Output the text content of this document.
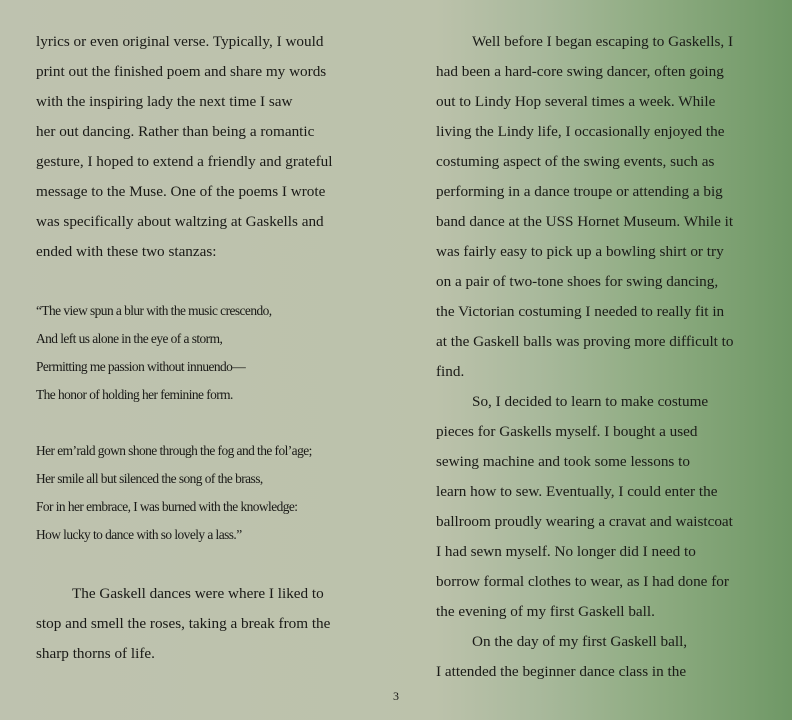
lyrics or even original verse. Typically, I would
print out the finished poem and share my words
with the inspiring lady the next time I saw
her out dancing. Rather than being a romantic
gesture, I hoped to extend a friendly and grateful
message to the Muse. One of the poems I wrote
was specifically about waltzing at Gaskells and
ended with these two stanzas:
“The view spun a blur with the music crescendo,
And left us alone in the eye of a storm,
Permitting me passion without innuendo—
The honor of holding her feminine form.
Her em’rald gown shone through the fog and the fol’age;
Her smile all but silenced the song of the brass,
For in her embrace, I was burned with the knowledge:
How lucky to dance with so lovely a lass.”
The Gaskell dances were where I liked to
stop and smell the roses, taking a break from the
sharp thorns of life.
Well before I began escaping to Gaskells, I
had been a hard-core swing dancer, often going
out to Lindy Hop several times a week. While
living the Lindy life, I occasionally enjoyed the
costuming aspect of the swing events, such as
performing in a dance troupe or attending a big
band dance at the USS Hornet Museum. While it
was fairly easy to pick up a bowling shirt or try
on a pair of two-tone shoes for swing dancing,
the Victorian costuming I needed to really fit in
at the Gaskell balls was proving more difficult to
find.
So, I decided to learn to make costume
pieces for Gaskells myself. I bought a used
sewing machine and took some lessons to
learn how to sew. Eventually, I could enter the
ballroom proudly wearing a cravat and waistcoat
I had sewn myself. No longer did I need to
borrow formal clothes to wear, as I had done for
the evening of my first Gaskell ball.
On the day of my first Gaskell ball,
I attended the beginner dance class in the
3
